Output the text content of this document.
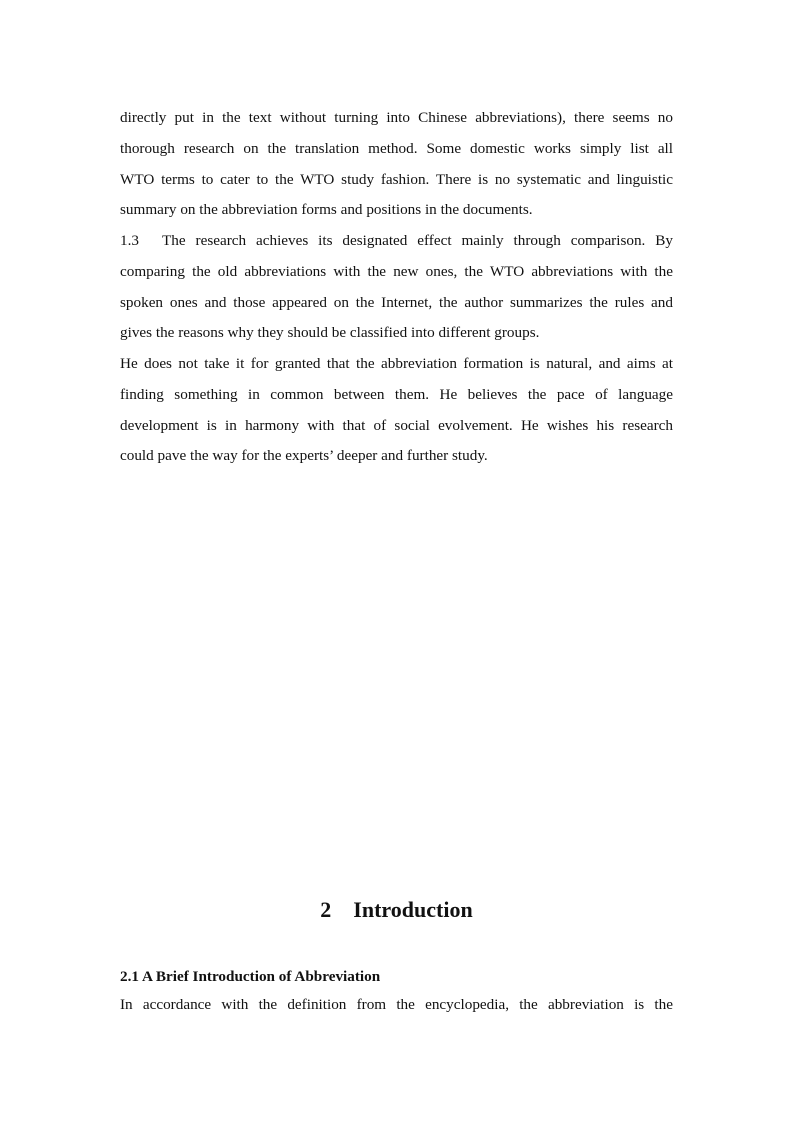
directly put in the text without turning into Chinese abbreviations), there seems no
thorough research on the translation method. Some domestic works simply list all
WTO terms to cater to the WTO study fashion. There is no systematic and linguistic
summary on the abbreviation forms and positions in the documents.
1.3 The research achieves its designated effect mainly through comparison. By
comparing the old abbreviations with the new ones, the WTO abbreviations with the
spoken ones and those appeared on the Internet, the author summarizes the rules and
gives the reasons why they should be classified into different groups.
He does not take it for granted that the abbreviation formation is natural, and aims at
finding something in common between them. He believes the pace of language
development is in harmony with that of social evolvement. He wishes his research
could pave the way for the experts’ deeper and further study.
2 Introduction
2.1 A Brief Introduction of Abbreviation
In accordance with the definition from the encyclopedia, the abbreviation is the
